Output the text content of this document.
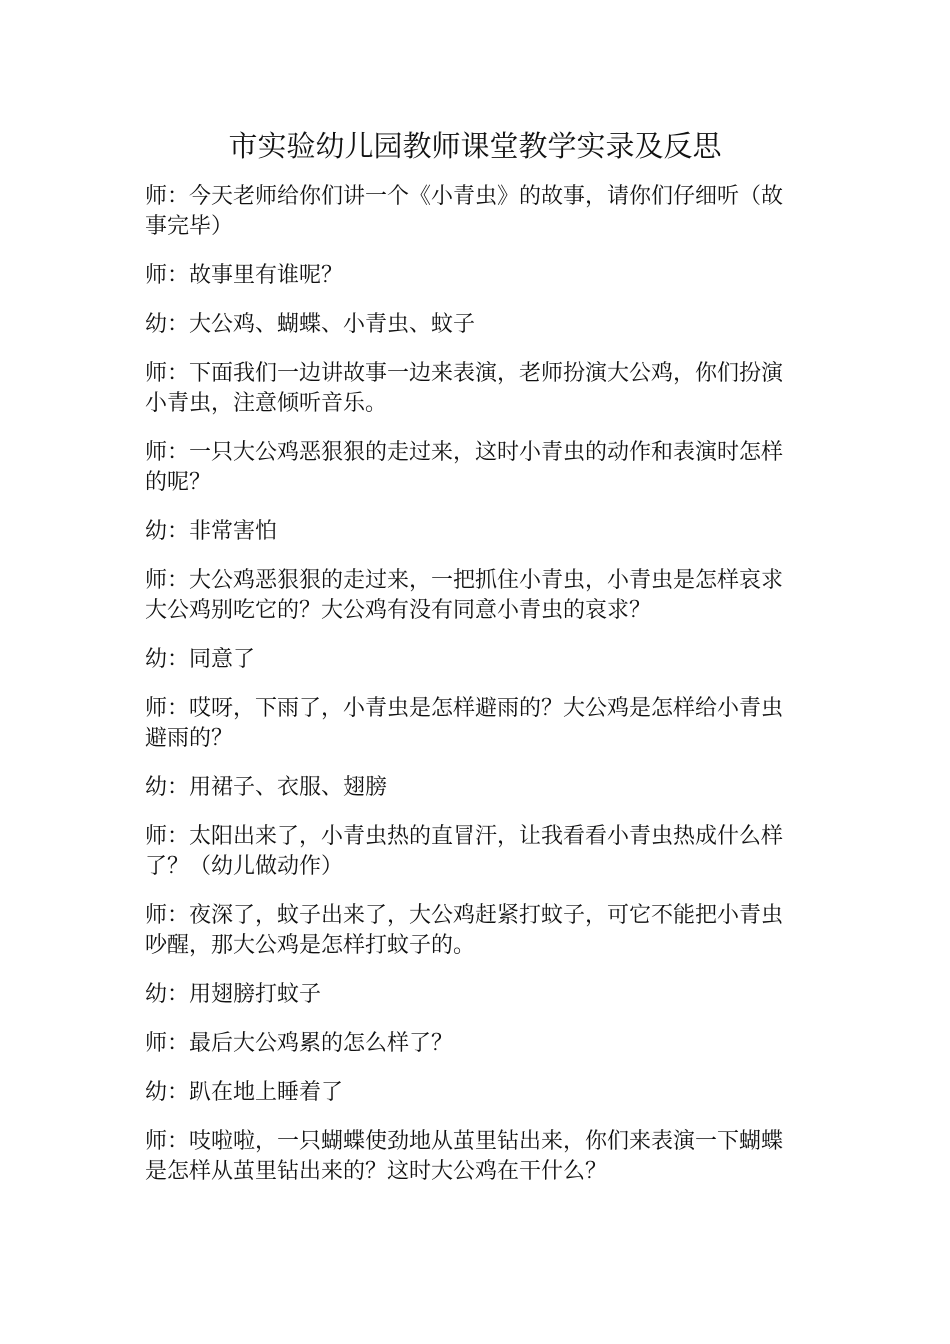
市实验幼儿园教师课堂教学实录及反思

师：今天老师给你们讲一个《小青虫》的故事，请你们仔细听（故事完毕）

师：故事里有谁呢？

幼：大公鸡、蝴蝶、小青虫、蚊子

师：下面我们一边讲故事一边来表演，老师扮演大公鸡，你们扮演小青虫，注意倾听音乐。

师：一只大公鸡恶狠狠的走过来，这时小青虫的动作和表演时怎样的呢？

幼：非常害怕

师：大公鸡恶狠狠的走过来，一把抓住小青虫，小青虫是怎样哀求大公鸡别吃它的？大公鸡有没有同意小青虫的哀求？

幼：同意了

师：哎呀，下雨了，小青虫是怎样避雨的？大公鸡是怎样给小青虫避雨的？

幼：用裙子、衣服、翅膀

师：太阳出来了，小青虫热的直冒汗，让我看看小青虫热成什么样了？（幼儿做动作）

师：夜深了，蚊子出来了，大公鸡赶紧打蚊子，可它不能把小青虫吵醒，那大公鸡是怎样打蚊子的。

幼：用翅膀打蚊子

师：最后大公鸡累的怎么样了？

幼：趴在地上睡着了

师：吱啦啦，一只蝴蝶使劲地从茧里钻出来，你们来表演一下蝴蝶是怎样从茧里钻出来的？这时大公鸡在干什么？
